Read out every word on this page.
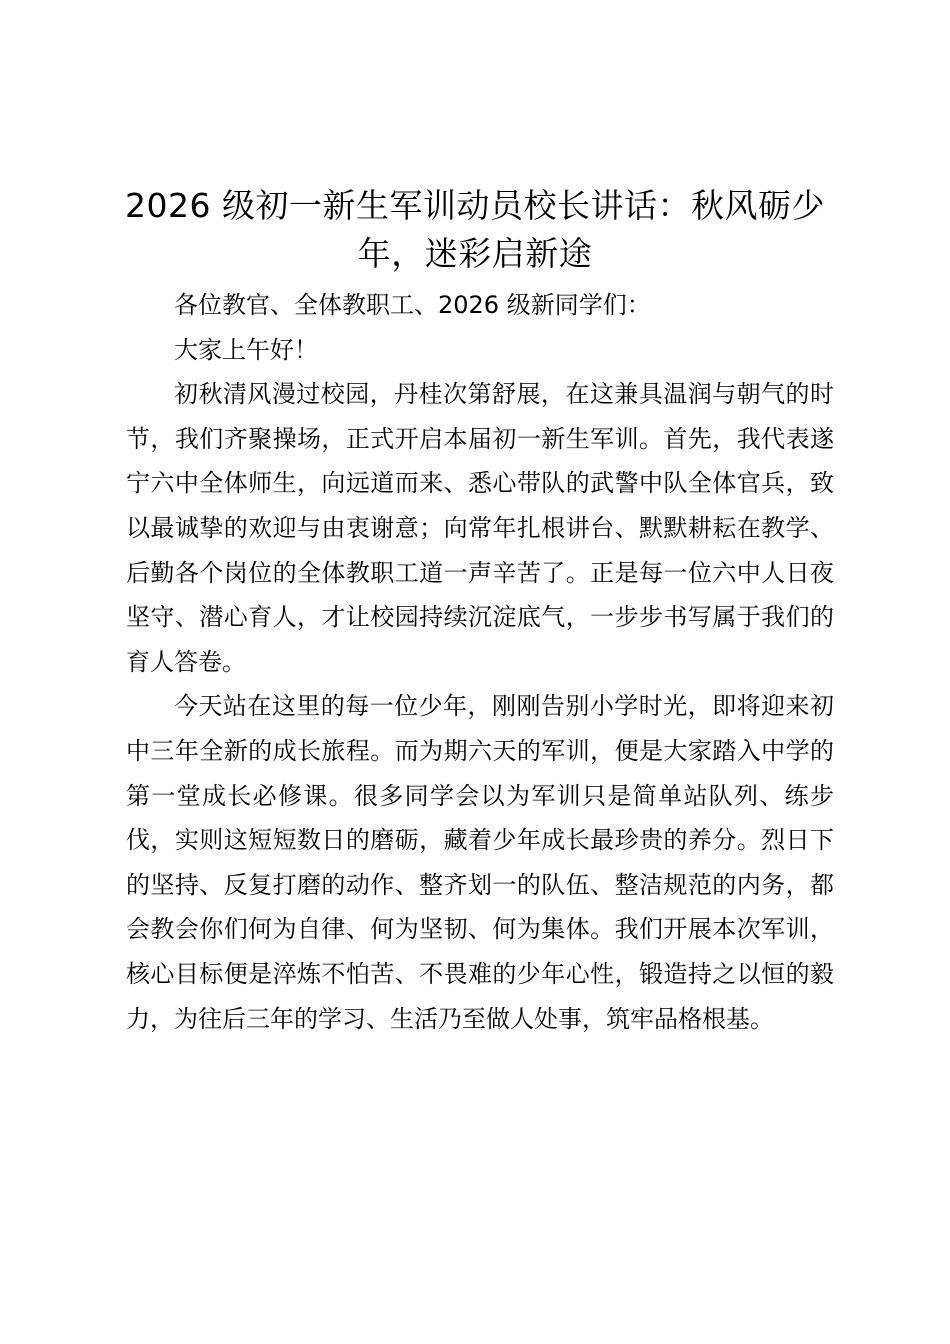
2026 级初一新生军训动员校长讲话：秋风砺少年，迷彩启新途

各位教官、全体教职工、2026 级新同学们：

大家上午好！

初秋清风漫过校园，丹桂次第舒展，在这兼具温润与朝气的时节，我们齐聚操场，正式开启本届初一新生军训。首先，我代表遂宁六中全体师生，向远道而来、悉心带队的武警中队全体官兵，致以最诚挚的欢迎与由衷谢意；向常年扎根讲台、默默耕耘在教学、后勤各个岗位的全体教职工道一声辛苦了。正是每一位六中人日夜坚守、潜心育人，才让校园持续沉淀底气，一步步书写属于我们的育人答卷。

今天站在这里的每一位少年，刚刚告别小学时光，即将迎来初中三年全新的成长旅程。而为期六天的军训，便是大家踏入中学的第一堂成长必修课。很多同学会以为军训只是简单站队列、练步伐，实则这短短数日的磨砺，藏着少年成长最珍贵的养分。烈日下的坚持、反复打磨的动作、整齐划一的队伍、整洁规范的内务，都会教会你们何为自律、何为坚韧、何为集体。我们开展本次军训，核心目标便是淬炼不怕苦、不畏难的少年心性，锻造持之以恒的毅力，为往后三年的学习、生活乃至做人处事，筑牢品格根基。
